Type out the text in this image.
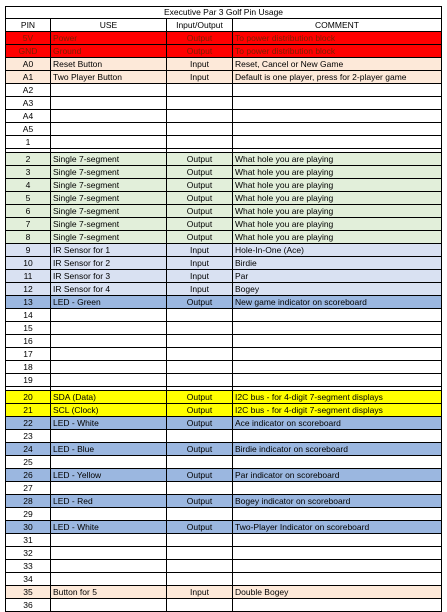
Executive Par 3 Golf Pin Usage			
PIN	USE	Input/Output	COMMENT
5V	Power	Output	To power distribution block
GND	Ground	Output	To power distribution block
A0	Reset Button	Input	Reset, Cancel or New Game
A1	Two Player Button	Input	Default is one player, press for 2-player game
A2			
A3			
A4			
A5			
1			

2	Single 7-segment	Output	What hole you are playing
3	Single 7-segment	Output	What hole you are playing
4	Single 7-segment	Output	What hole you are playing
5	Single 7-segment	Output	What hole you are playing
6	Single 7-segment	Output	What hole you are playing
7	Single 7-segment	Output	What hole you are playing
8	Single 7-segment	Output	What hole you are playing
9	IR Sensor for 1	Input	Hole-In-One (Ace)
10	IR Sensor for 2	Input	Birdie
11	IR Sensor for 3	Input	Par
12	IR Sensor for 4	Input	Bogey
13	LED - Green	Output	New game indicator on scoreboard
14			
15			
16			
17			
18			
19			

20	SDA (Data)	Output	I2C bus - for 4-digit 7-segment displays
21	SCL (Clock)	Output	I2C bus - for 4-digit 7-segment displays
22	LED - White	Output	Ace indicator on scoreboard
23			
24	LED - Blue	Output	Birdie indicator on scoreboard
25			
26	LED - Yellow	Output	Par indicator on scoreboard
27			
28	LED - Red	Output	Bogey indicator on scoreboard
29			
30	LED - White	Output	Two-Player Indicator on scoreboard
31			
32			
33			
34			
35	Button for 5	Input	Double Bogey
36			
